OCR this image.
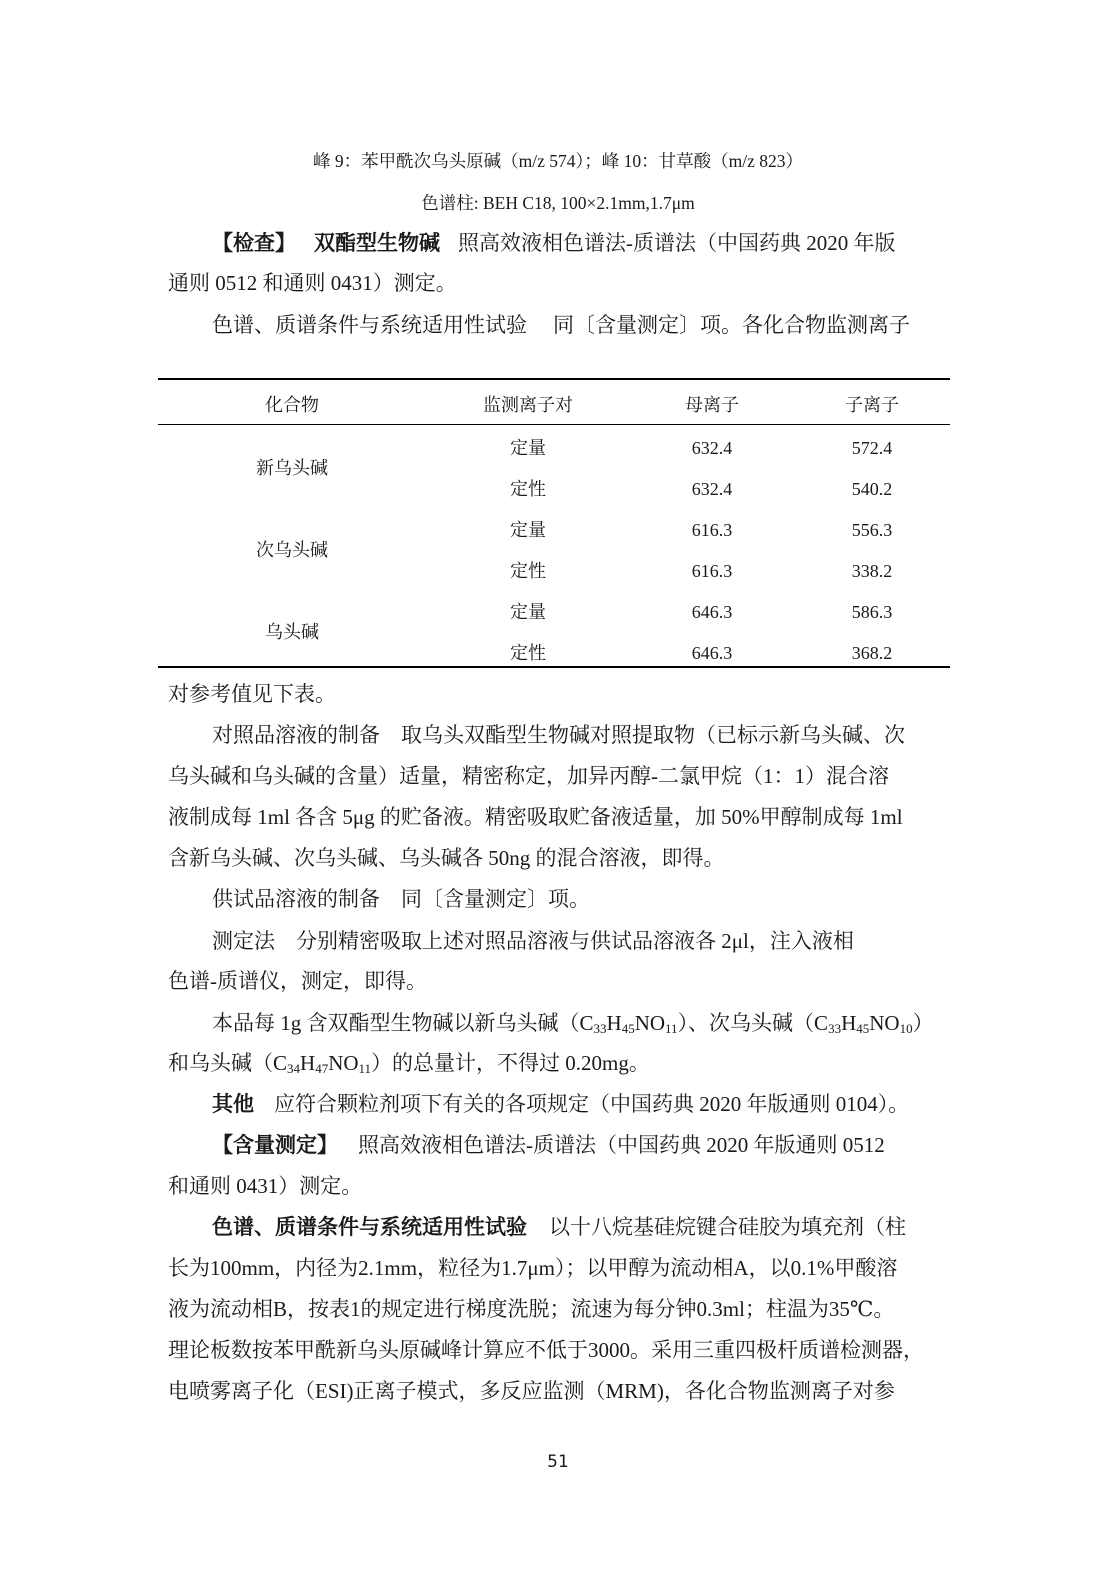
峰 9：苯甲酰次乌头原碱（m/z 574）；峰 10：甘草酸（m/z 823）
色谱柱: BEH C18, 100×2.1mm,1.7μm
【检查】 双酯型生物碱 照高效液相色谱法-质谱法（中国药典 2020 年版
通则 0512 和通则 0431）测定。
色谱、质谱条件与系统适用性试验 同〔含量测定〕项。各化合物监测离子
化合物	监测离子对	母离子	子离子
新乌头碱
定量	632.4	572.4
定性	632.4	540.2
次乌头碱
定量	616.3	556.3
定性	616.3	338.2
乌头碱
定量	646.3	586.3
定性	646.3	368.2
对参考值见下表。
对照品溶液的制备　取乌头双酯型生物碱对照提取物（已标示新乌头碱、次
乌头碱和乌头碱的含量）适量，精密称定，加异丙醇-二氯甲烷（1：1）混合溶
液制成每 1ml 各含 5μg 的贮备液。精密吸取贮备液适量，加 50%甲醇制成每 1ml
含新乌头碱、次乌头碱、乌头碱各 50ng 的混合溶液，即得。
供试品溶液的制备　同〔含量测定〕项。
测定法　分别精密吸取上述对照品溶液与供试品溶液各 2μl，注入液相
色谱-质谱仪，测定，即得。
本品每 1g 含双酯型生物碱以新乌头碱$(C_{33}H_{45}NO_{11})$、次乌头碱$(C_{33}H_{45}NO_{10})$
和乌头碱$(C_{34}H_{47}NO_{11})$的总量计，不得过 0.20mg。
其他 应符合颗粒剂项下有关的各项规定（中国药典 2020 年版通则 0104）。
【含量测定】 照高效液相色谱法-质谱法（中国药典 2020 年版通则 0512
和通则 0431）测定。
色谱、质谱条件与系统适用性试验 以十八烷基硅烷键合硅胶为填充剂（柱
长为100mm，内径为2.1mm，粒径为1.7μm）；以甲醇为流动相A，以0.1%甲酸溶
液为流动相B，按表1的规定进行梯度洗脱；流速为每分钟0.3ml；柱温为35℃。
理论板数按苯甲酰新乌头原碱峰计算应不低于3000。采用三重四极杆质谱检测器，
电喷雾离子化（ESI)正离子模式，多反应监测（MRM)，各化合物监测离子对参
51
